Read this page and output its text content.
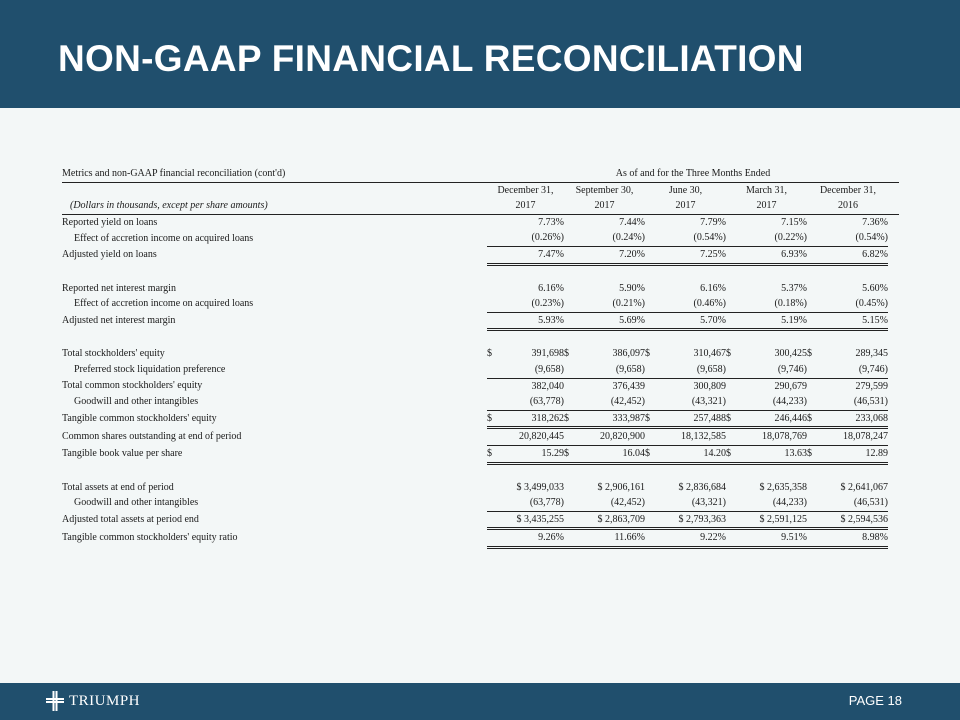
NON-GAAP FINANCIAL RECONCILIATION
Metrics and non-GAAP financial reconciliation (cont'd)	As of and for the Three Months Ended										
	December 31,		September 30,		June 30,		March 31,		December 31,		
(Dollars in thousands, except per share amounts)	2017		2017		2017		2017		2016		
Reported yield on loans		7.73%		7.44%		7.79%		7.15%		7.36%	
Effect of accretion income on acquired loans		(0.26%)		(0.24%)		(0.54%)		(0.22%)		(0.54%)	
Adjusted yield on loans		7.47%		7.20%		7.25%		6.93%		6.82%	

Reported net interest margin		6.16%		5.90%		6.16%		5.37%		5.60%	
Effect of accretion income on acquired loans		(0.23%)		(0.21%)		(0.46%)		(0.18%)		(0.45%)	
Adjusted net interest margin		5.93%		5.69%		5.70%		5.19%		5.15%	

Total stockholders' equity	$	391,698	$	386,097	$	310,467	$	300,425	$	289,345	
Preferred stock liquidation preference		(9,658)		(9,658)		(9,658)		(9,746)		(9,746)	
Total common stockholders' equity		382,040		376,439		300,809		290,679		279,599	
Goodwill and other intangibles		(63,778)		(42,452)		(43,321)		(44,233)		(46,531)	
Tangible common stockholders' equity	$	318,262	$	333,987	$	257,488	$	246,446	$	233,068	
Common shares outstanding at end of period		20,820,445		20,820,900		18,132,585		18,078,769		18,078,247	
Tangible book value per share	$	15.29	$	16.04	$	14.20	$	13.63	$	12.89	

Total assets at end of period		$ 3,499,033		$ 2,906,161		$ 2,836,684		$ 2,635,358		$ 2,641,067	
Goodwill and other intangibles		(63,778)		(42,452)		(43,321)		(44,233)		(46,531)	
Adjusted total assets at period end		$ 3,435,255		$ 2,863,709		$ 2,793,363		$ 2,591,125		$ 2,594,536	
Tangible common stockholders' equity ratio		9.26%		11.66%		9.22%		9.51%		8.98%	
TRIUMPH	PAGE 18
